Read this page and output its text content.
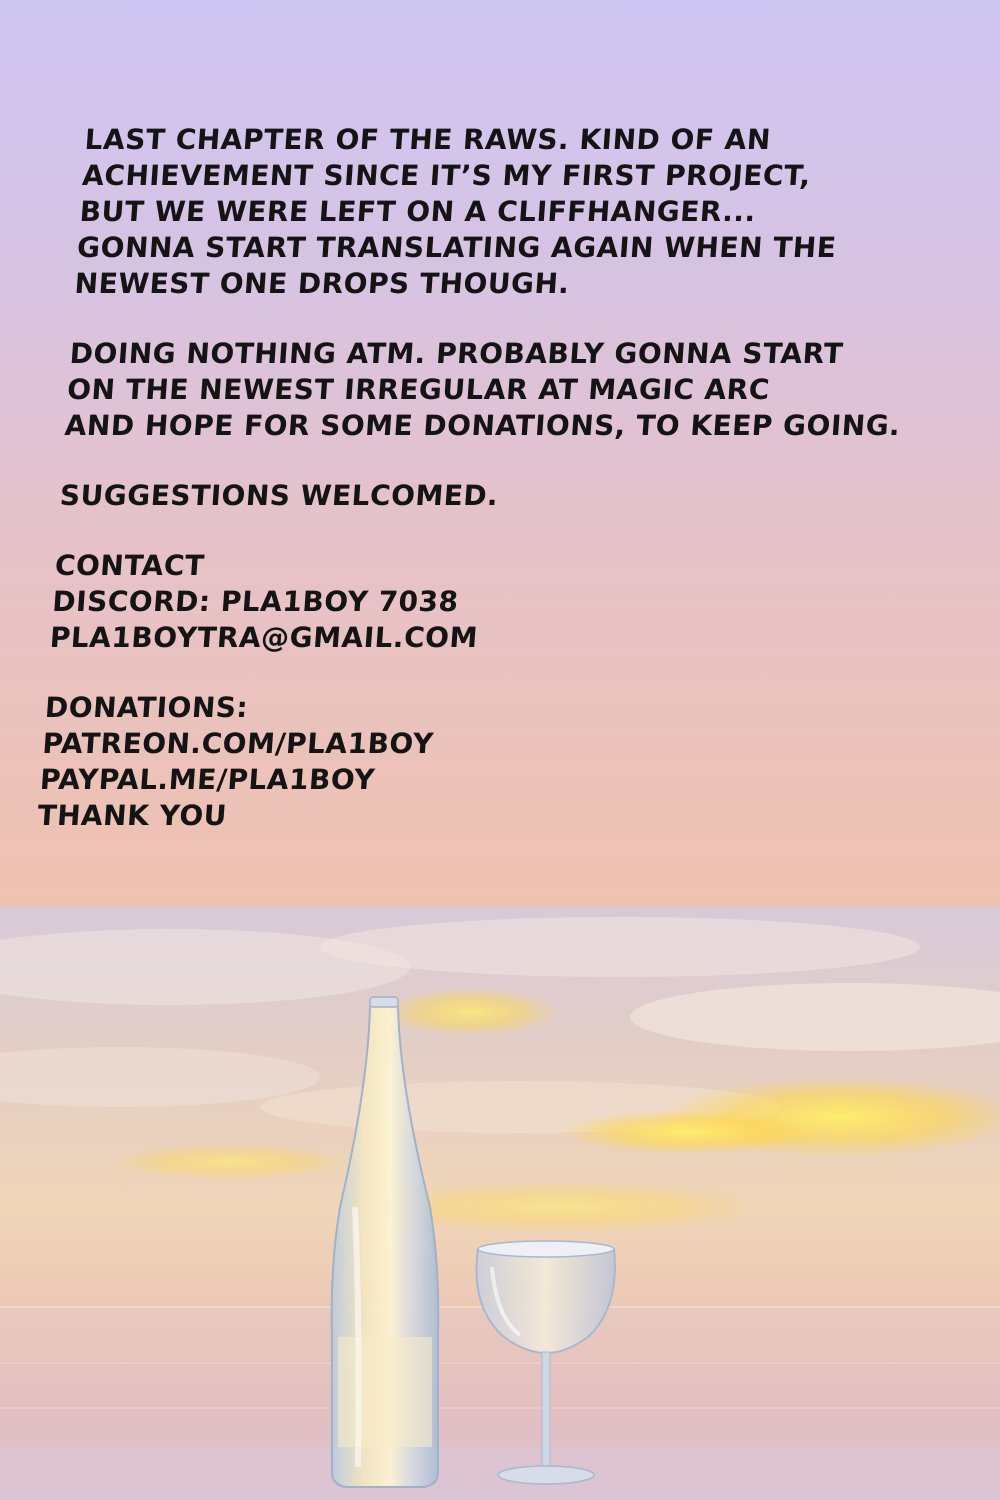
LAST CHAPTER OF THE RAWS. KIND OF AN
ACHIEVEMENT SINCE IT’S MY FIRST PROJECT,
BUT WE WERE LEFT ON A CLIFFHANGER...
GONNA START TRANSLATING AGAIN WHEN THE
NEWEST ONE DROPS THOUGH.
DOING NOTHING ATM. PROBABLY GONNA START
ON THE NEWEST IRREGULAR AT MAGIC ARC
AND HOPE FOR SOME DONATIONS, TO KEEP GOING.
SUGGESTIONS WELCOMED.
CONTACT
DISCORD: PLA1BOY 7038
PLA1BOYTRA@GMAIL.COM
DONATIONS:
PATREON.COM/PLA1BOY
PAYPAL.ME/PLA1BOY
THANK YOU
